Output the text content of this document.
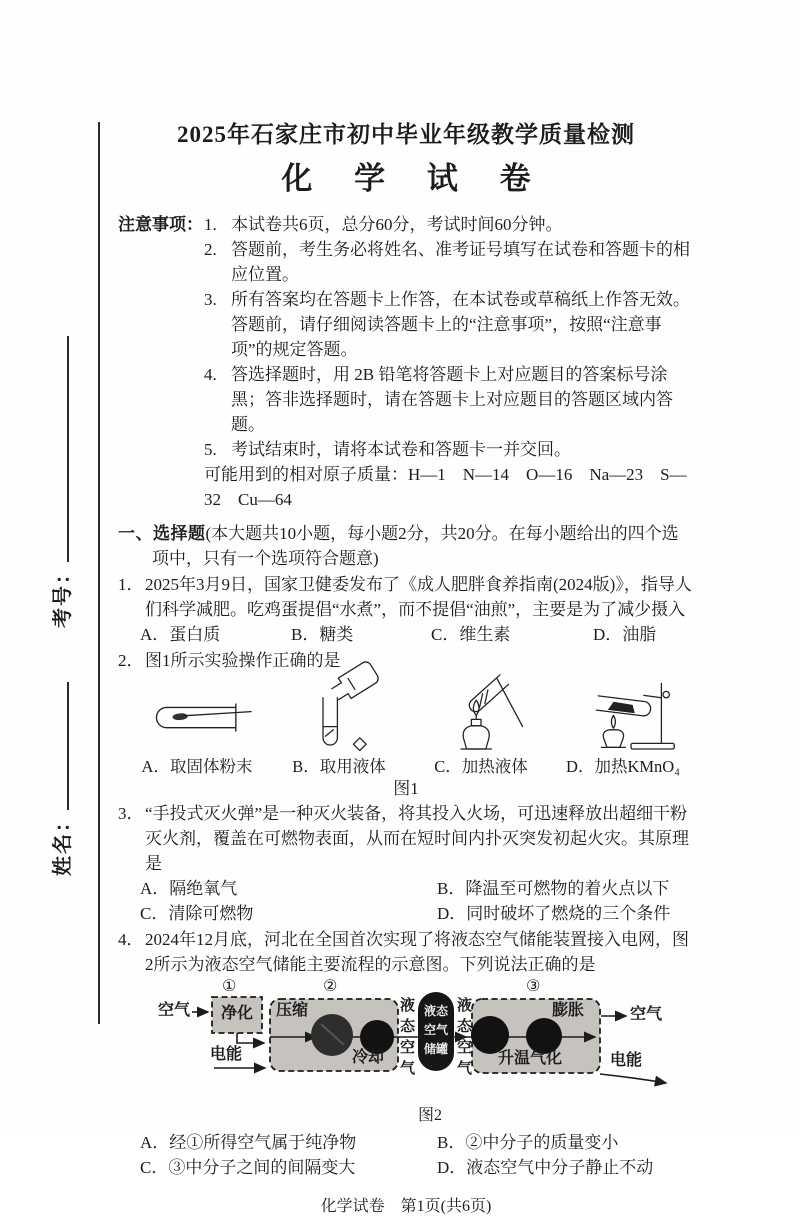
考号：
姓名：
2025年石家庄市初中毕业年级教学质量检测
化 学 试 卷
注意事项： 1. 本试卷共6页，总分60分，考试时间60分钟。
2. 答题前，考生务必将姓名、准考证号填写在试卷和答题卡的相应位置。
3. 所有答案均在答题卡上作答，在本试卷或草稿纸上作答无效。答题前，请仔细阅读答题卡上的“注意事项”，按照“注意事项”的规定答题。
4. 答选择题时，用 2B 铅笔将答题卡上对应题目的答案标号涂黑；答非选择题时，请在答题卡上对应题目的答题区域内答题。
5. 考试结束时，请将本试卷和答题卡一并交回。
可能用到的相对原子质量：H—1　N—14　O—16　Na—23　S—32　Cu—64
一、选择题(本大题共10小题，每小题2分，共20分。在每小题给出的四个选项中，只有一个选项符合题意)
1． 2025年3月9日，国家卫健委发布了《成人肥胖食养指南(2024版)》，指导人们科学减肥。吃鸡蛋提倡“水煮”，而不提倡“油煎”，主要是为了减少摄入
A．蛋白质	B．糖类	C．维生素	D．油脂
2． 图1所示实验操作正确的是
A．取固体粉末	B．取用液体	C．加热液体	D．加热KMnO₄
图1
3． “手投式灭火弹”是一种灭火装备，将其投入火场，可迅速释放出超细干粉灭火剂，覆盖在可燃物表面，从而在短时间内扑灭突发初起火灾。其原理是
A．隔绝氧气	B．降温至可燃物的着火点以下
C．清除可燃物	D．同时破坏了燃烧的三个条件
4． 2024年12月底，河北在全国首次实现了将液态空气储能装置接入电网，图2所示为液态空气储能主要流程的示意图。下列说法正确的是
①	②	③
空气	净化
电能
压缩
冷却
液态空气
液态空气储罐
液态空气
膨胀
升温气化
空气
电能
图2
A．经①所得空气属于纯净物	B．②中分子的质量变小
C．③中分子之间的间隔变大	D．液态空气中分子静止不动
化学试卷　第1页(共6页)
